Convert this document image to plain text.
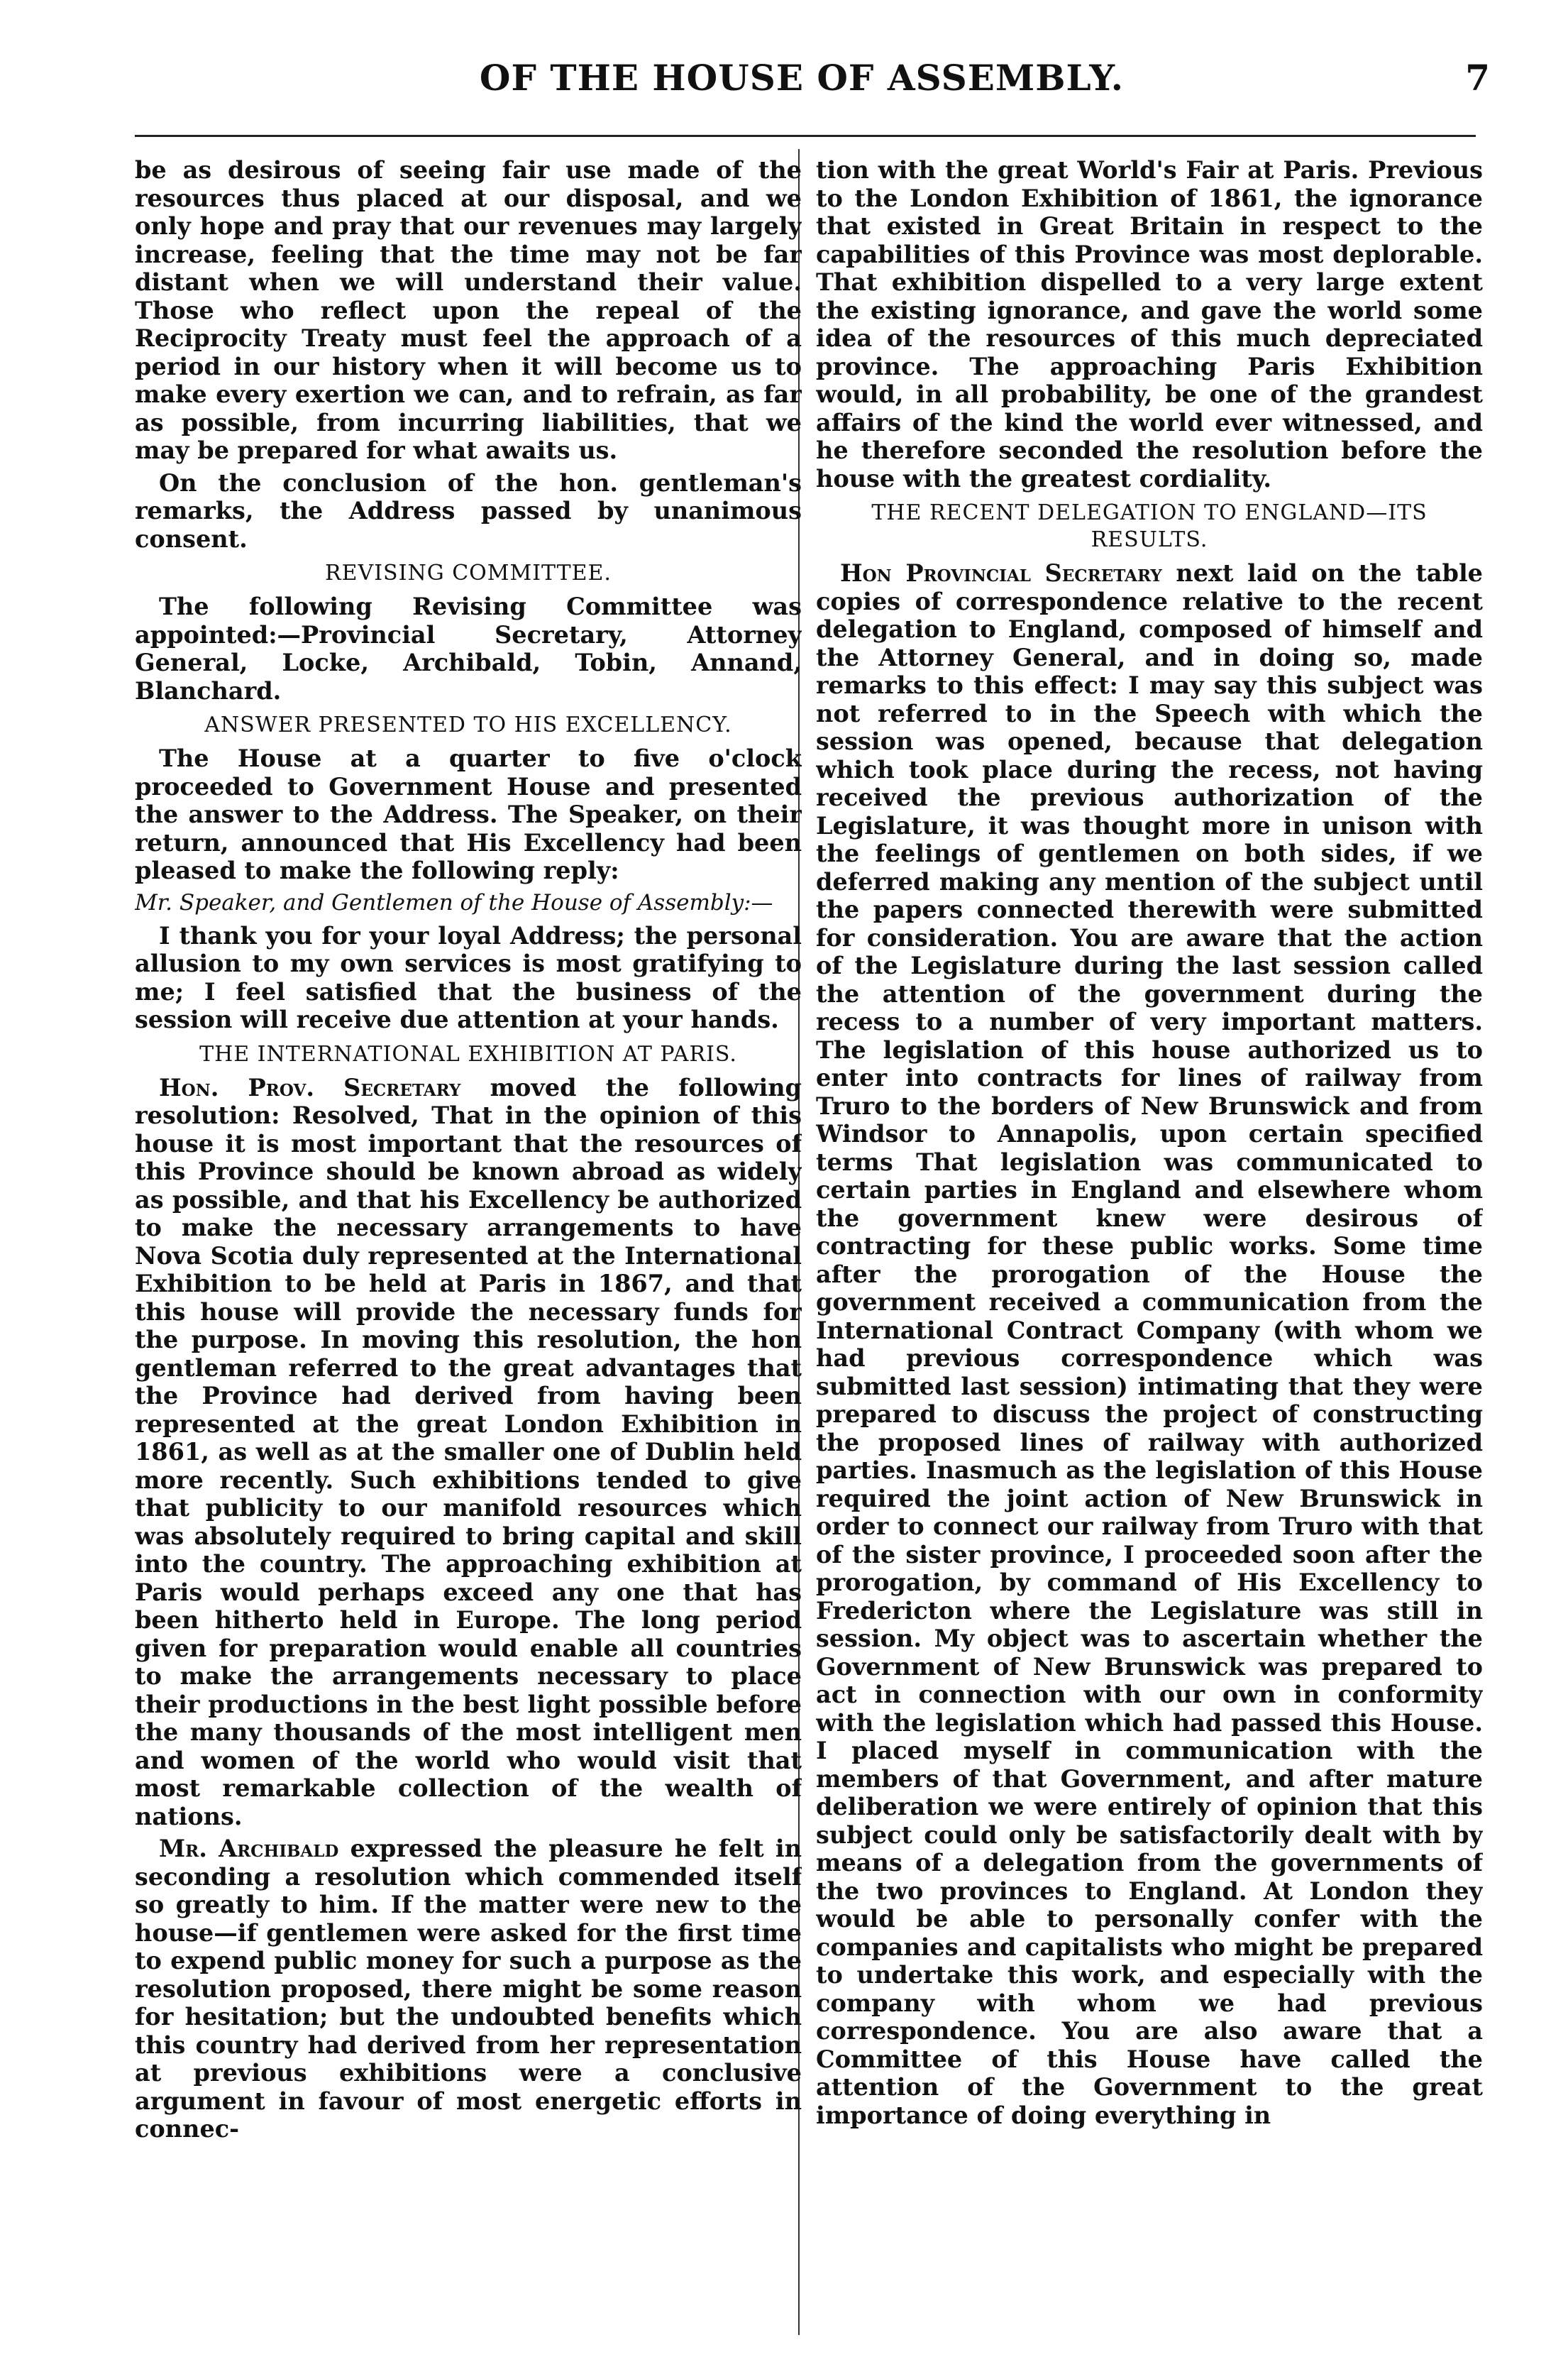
OF THE HOUSE OF ASSEMBLY.	7

be as desirous of seeing fair use made of the resources thus placed at our disposal, and we only hope and pray that our revenues may largely increase, feeling that the time may not be far distant when we will understand their value. Those who reflect upon the repeal of the Reciprocity Treaty must feel the approach of a period in our history when it will become us to make every exertion we can, and to refrain, as far as possible, from incurring liabilities, that we may be prepared for what awaits us.

On the conclusion of the hon. gentleman's remarks, the Address passed by unanimous consent.

REVISING COMMITTEE.

The following Revising Committee was appointed:—Provincial Secretary, Attorney General, Locke, Archibald, Tobin, Annand, Blanchard.

ANSWER PRESENTED TO HIS EXCELLENCY.

The House at a quarter to five o'clock proceeded to Government House and presented the answer to the Address. The Speaker, on their return, announced that His Excellency had been pleased to make the following reply:

Mr. Speaker, and Gentlemen of the House of Assembly:—

I thank you for your loyal Address; the personal allusion to my own services is most gratifying to me; I feel satisfied that the business of the session will receive due attention at your hands.

THE INTERNATIONAL EXHIBITION AT PARIS.

Hon. Prov. Secretary moved the following resolution: Resolved, That in the opinion of this house it is most important that the resources of this Province should be known abroad as widely as possible, and that his Excellency be authorized to make the necessary arrangements to have Nova Scotia duly represented at the International Exhibition to be held at Paris in 1867, and that this house will provide the necessary funds for the purpose. In moving this resolution, the hon gentleman referred to the great advantages that the Province had derived from having been represented at the great London Exhibition in 1861, as well as at the smaller one of Dublin held more recently. Such exhibitions tended to give that publicity to our manifold resources which was absolutely required to bring capital and skill into the country. The approaching exhibition at Paris would perhaps exceed any one that has been hitherto held in Europe. The long period given for preparation would enable all countries to make the arrangements necessary to place their productions in the best light possible before the many thousands of the most intelligent men and women of the world who would visit that most remarkable collection of the wealth of nations.

Mr. Archibald expressed the pleasure he felt in seconding a resolution which commended itself so greatly to him. If the matter were new to the house—if gentlemen were asked for the first time to expend public money for such a purpose as the resolution proposed, there might be some reason for hesitation; but the undoubted benefits which this country had derived from her representation at previous exhibitions were a conclusive argument in favour of most energetic efforts in connec-

tion with the great World's Fair at Paris. Previous to the London Exhibition of 1861, the ignorance that existed in Great Britain in respect to the capabilities of this Province was most deplorable. That exhibition dispelled to a very large extent the existing ignorance, and gave the world some idea of the resources of this much depreciated province. The approaching Paris Exhibition would, in all probability, be one of the grandest affairs of the kind the world ever witnessed, and he therefore seconded the resolution before the house with the greatest cordiality.

THE RECENT DELEGATION TO ENGLAND—ITS RESULTS.

Hon Provincial Secretary next laid on the table copies of correspondence relative to the recent delegation to England, composed of himself and the Attorney General, and in doing so, made remarks to this effect: I may say this subject was not referred to in the Speech with which the session was opened, because that delegation which took place during the recess, not having received the previous authorization of the Legislature, it was thought more in unison with the feelings of gentlemen on both sides, if we deferred making any mention of the subject until the papers connected therewith were submitted for consideration. You are aware that the action of the Legislature during the last session called the attention of the government during the recess to a number of very important matters. The legislation of this house authorized us to enter into contracts for lines of railway from Truro to the borders of New Brunswick and from Windsor to Annapolis, upon certain specified terms That legislation was communicated to certain parties in England and elsewhere whom the government knew were desirous of contracting for these public works. Some time after the prorogation of the House the government received a communication from the International Contract Company (with whom we had previous correspondence which was submitted last session) intimating that they were prepared to discuss the project of constructing the proposed lines of railway with authorized parties. Inasmuch as the legislation of this House required the joint action of New Brunswick in order to connect our railway from Truro with that of the sister province, I proceeded soon after the prorogation, by command of His Excellency to Fredericton where the Legislature was still in session. My object was to ascertain whether the Government of New Brunswick was prepared to act in connection with our own in conformity with the legislation which had passed this House. I placed myself in communication with the members of that Government, and after mature deliberation we were entirely of opinion that this subject could only be satisfactorily dealt with by means of a delegation from the governments of the two provinces to England. At London they would be able to personally confer with the companies and capitalists who might be prepared to undertake this work, and especially with the company with whom we had previous correspondence. You are also aware that a Committee of this House have called the attention of the Government to the great importance of doing everything in
